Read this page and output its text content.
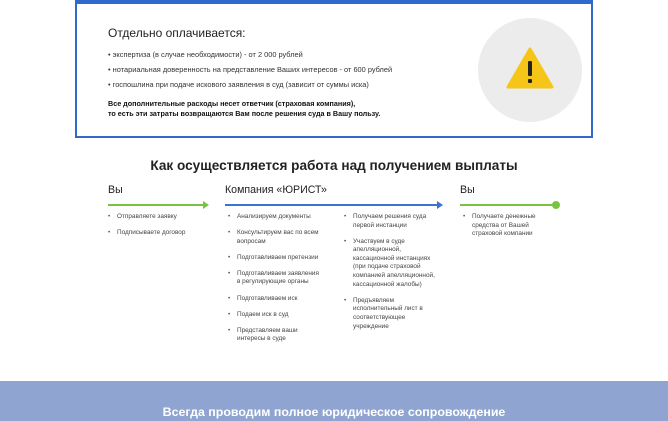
Отдельно оплачивается:
• экспертиза (в случае необходимости) - от 2 000 рублей
• нотариальная доверенность на представление Ваших интересов - от 600 рублей
• госпошлина при подаче искового заявления в суд (зависит от суммы иска)
Все дополнительные расходы несет ответчик (страховая компания),
то есть эти затраты возвращаются Вам после решения суда в Вашу пользу.
Как осуществляется работа над получением выплаты
Вы	Компания «ЮРИСТ»	Вы
• Отправляете заявку
• Подписываете договор
• Анализируем документы
• Консультируем вас по всем вопросам
• Подготавливаем претензии
• Подготавливаем заявления в регулирующие органы
• Подготавливаем иск
• Подаем иск в суд
• Представляем ваши интересы в суде
• Получаем решения суда первой инстанции
• Участвуем в суде апелляционной, кассационной инстанциях (при подаче страховой компанией апелляционной, кассационной жалобы)
• Предъявляем исполнительный лист в соответствующее учреждение
• Получаете денежные средства от Вашей страховой компании
Всегда проводим полное юридическое сопровождение
